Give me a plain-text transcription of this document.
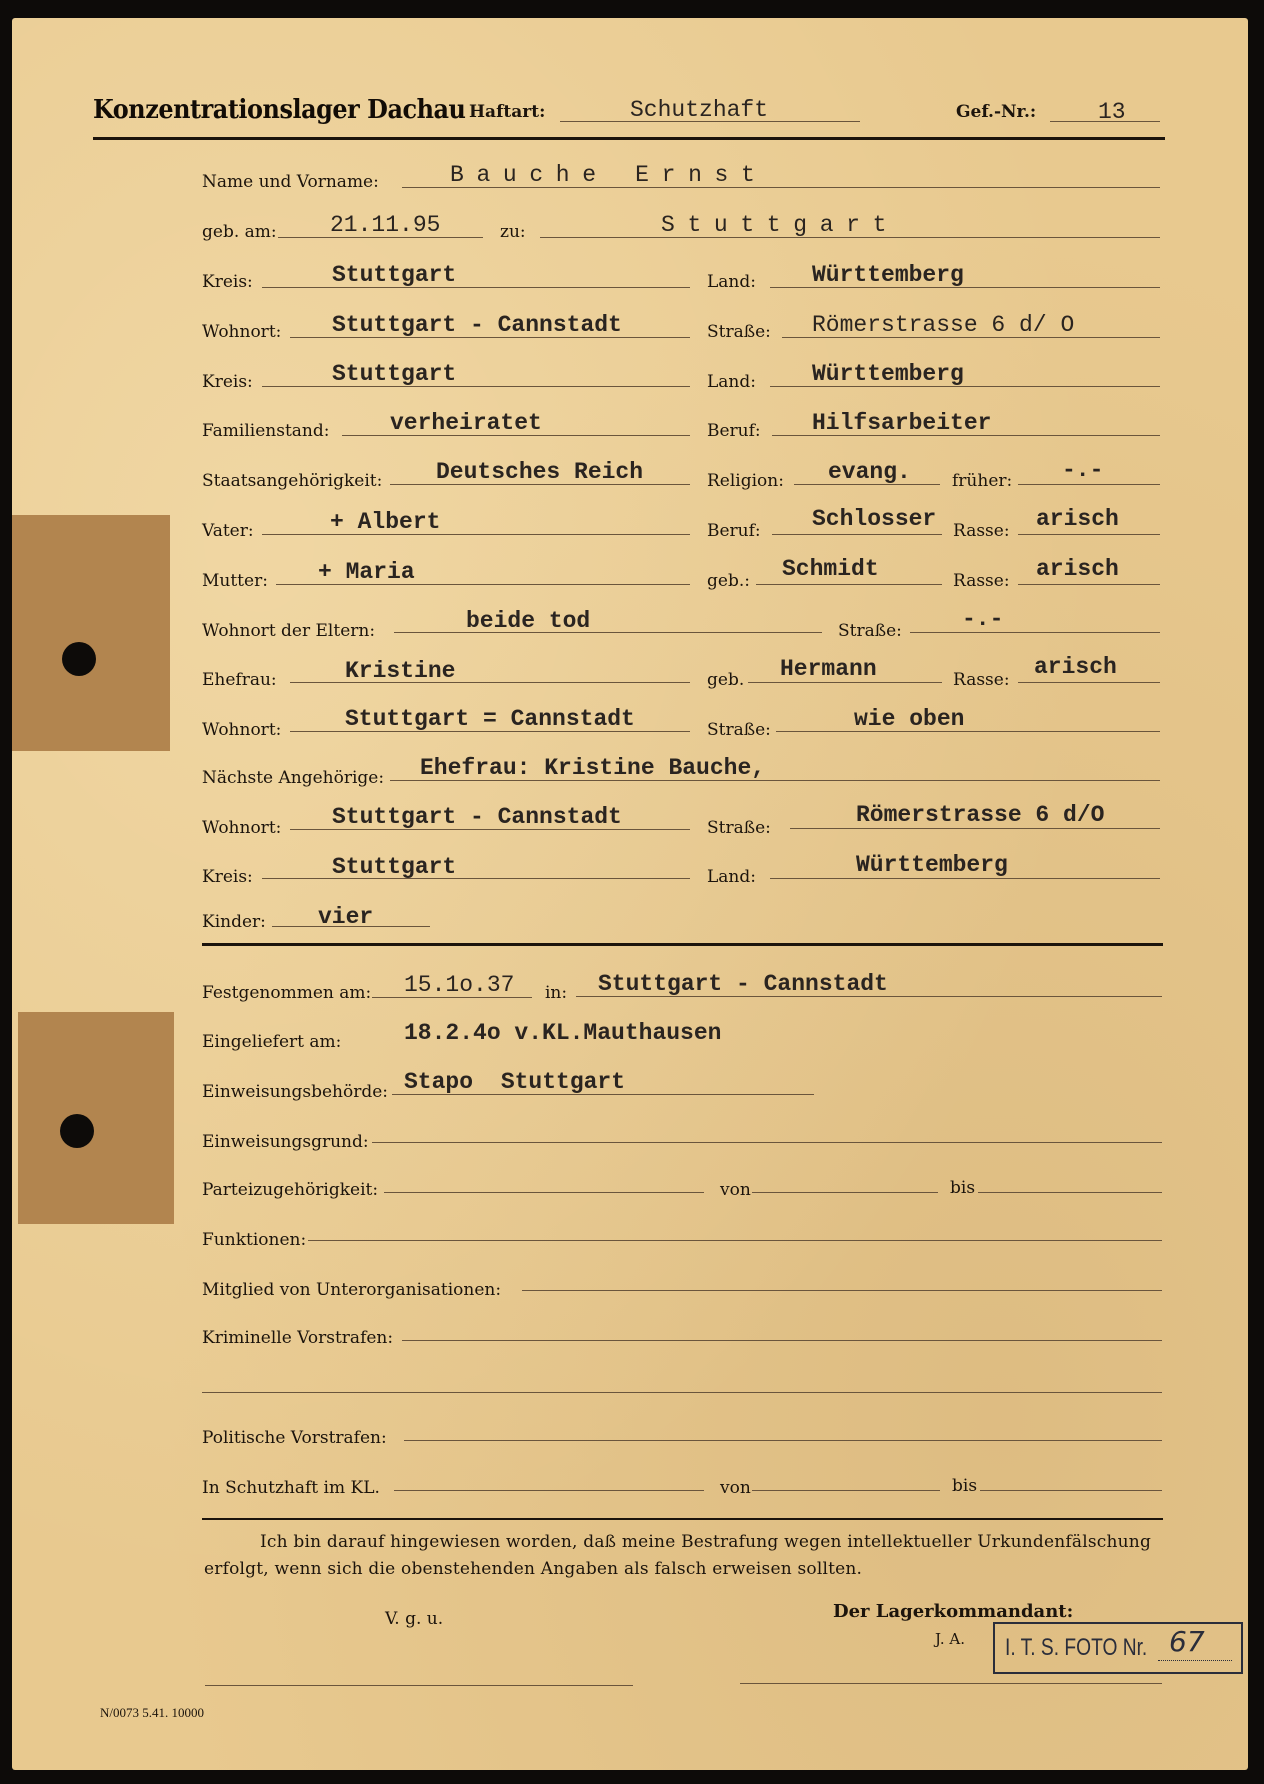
Konzentrationslager Dachau Haftart:	Schutzhaft	Gef.-Nr.:	13
Name und Vorname:	Bauche Ernst
geb. am: 21.11.95	zu:	Stuttgart
Kreis:	Stuttgart	Land: Württemberg
Wohnort: Stuttgart - Cannstadt	Straße: Römerstrasse 6 d/ O
Kreis:	Stuttgart	Land: Württemberg
Familienstand:	verheiratet	Beruf: Hilfsarbeiter
Staatsangehörigkeit: Deutsches Reich	Religion: evang. früher: -.-
Vater:	+ Albert	Beruf: Schlosser Rasse: arisch
Mutter: + Maria	geb.: Schmidt	Rasse: arisch
Wohnort der Eltern:	beide tod	Straße:	-.-
Ehefrau:	Kristine	geb. Hermann	Rasse: arisch
Wohnort:	Stuttgart = Cannstadt	Straße:	wie oben
Nächste Angehörige: Ehefrau: Kristine Bauche,
Wohnort: Stuttgart - Cannstadt	Straße:	Römerstrasse 6 d/O
Kreis:	Stuttgart	Land:	Württemberg
Kinder: vier
Festgenommen am: 15.1o.37 in: Stuttgart - Cannstadt
Eingeliefert am:	18.2.4o v.KL.Mauthausen
Einweisungsbehörde: Stapo Stuttgart
Einweisungsgrund:
Parteizugehörigkeit:	von	bis
Funktionen:
Mitglied von Unterorganisationen:
Kriminelle Vorstrafen:
Politische Vorstrafen:
In Schutzhaft im KL.	von	bis
Ich bin darauf hingewiesen worden, daß meine Bestrafung wegen intellektueller Urkundenfälschung
erfolgt, wenn sich die obenstehenden Angaben als falsch erweisen sollten.
V. g. u.	Der Lagerkommandant:
J. A. I. T. S. FOTO Nr. 67
N/0073 5.41. 10000
